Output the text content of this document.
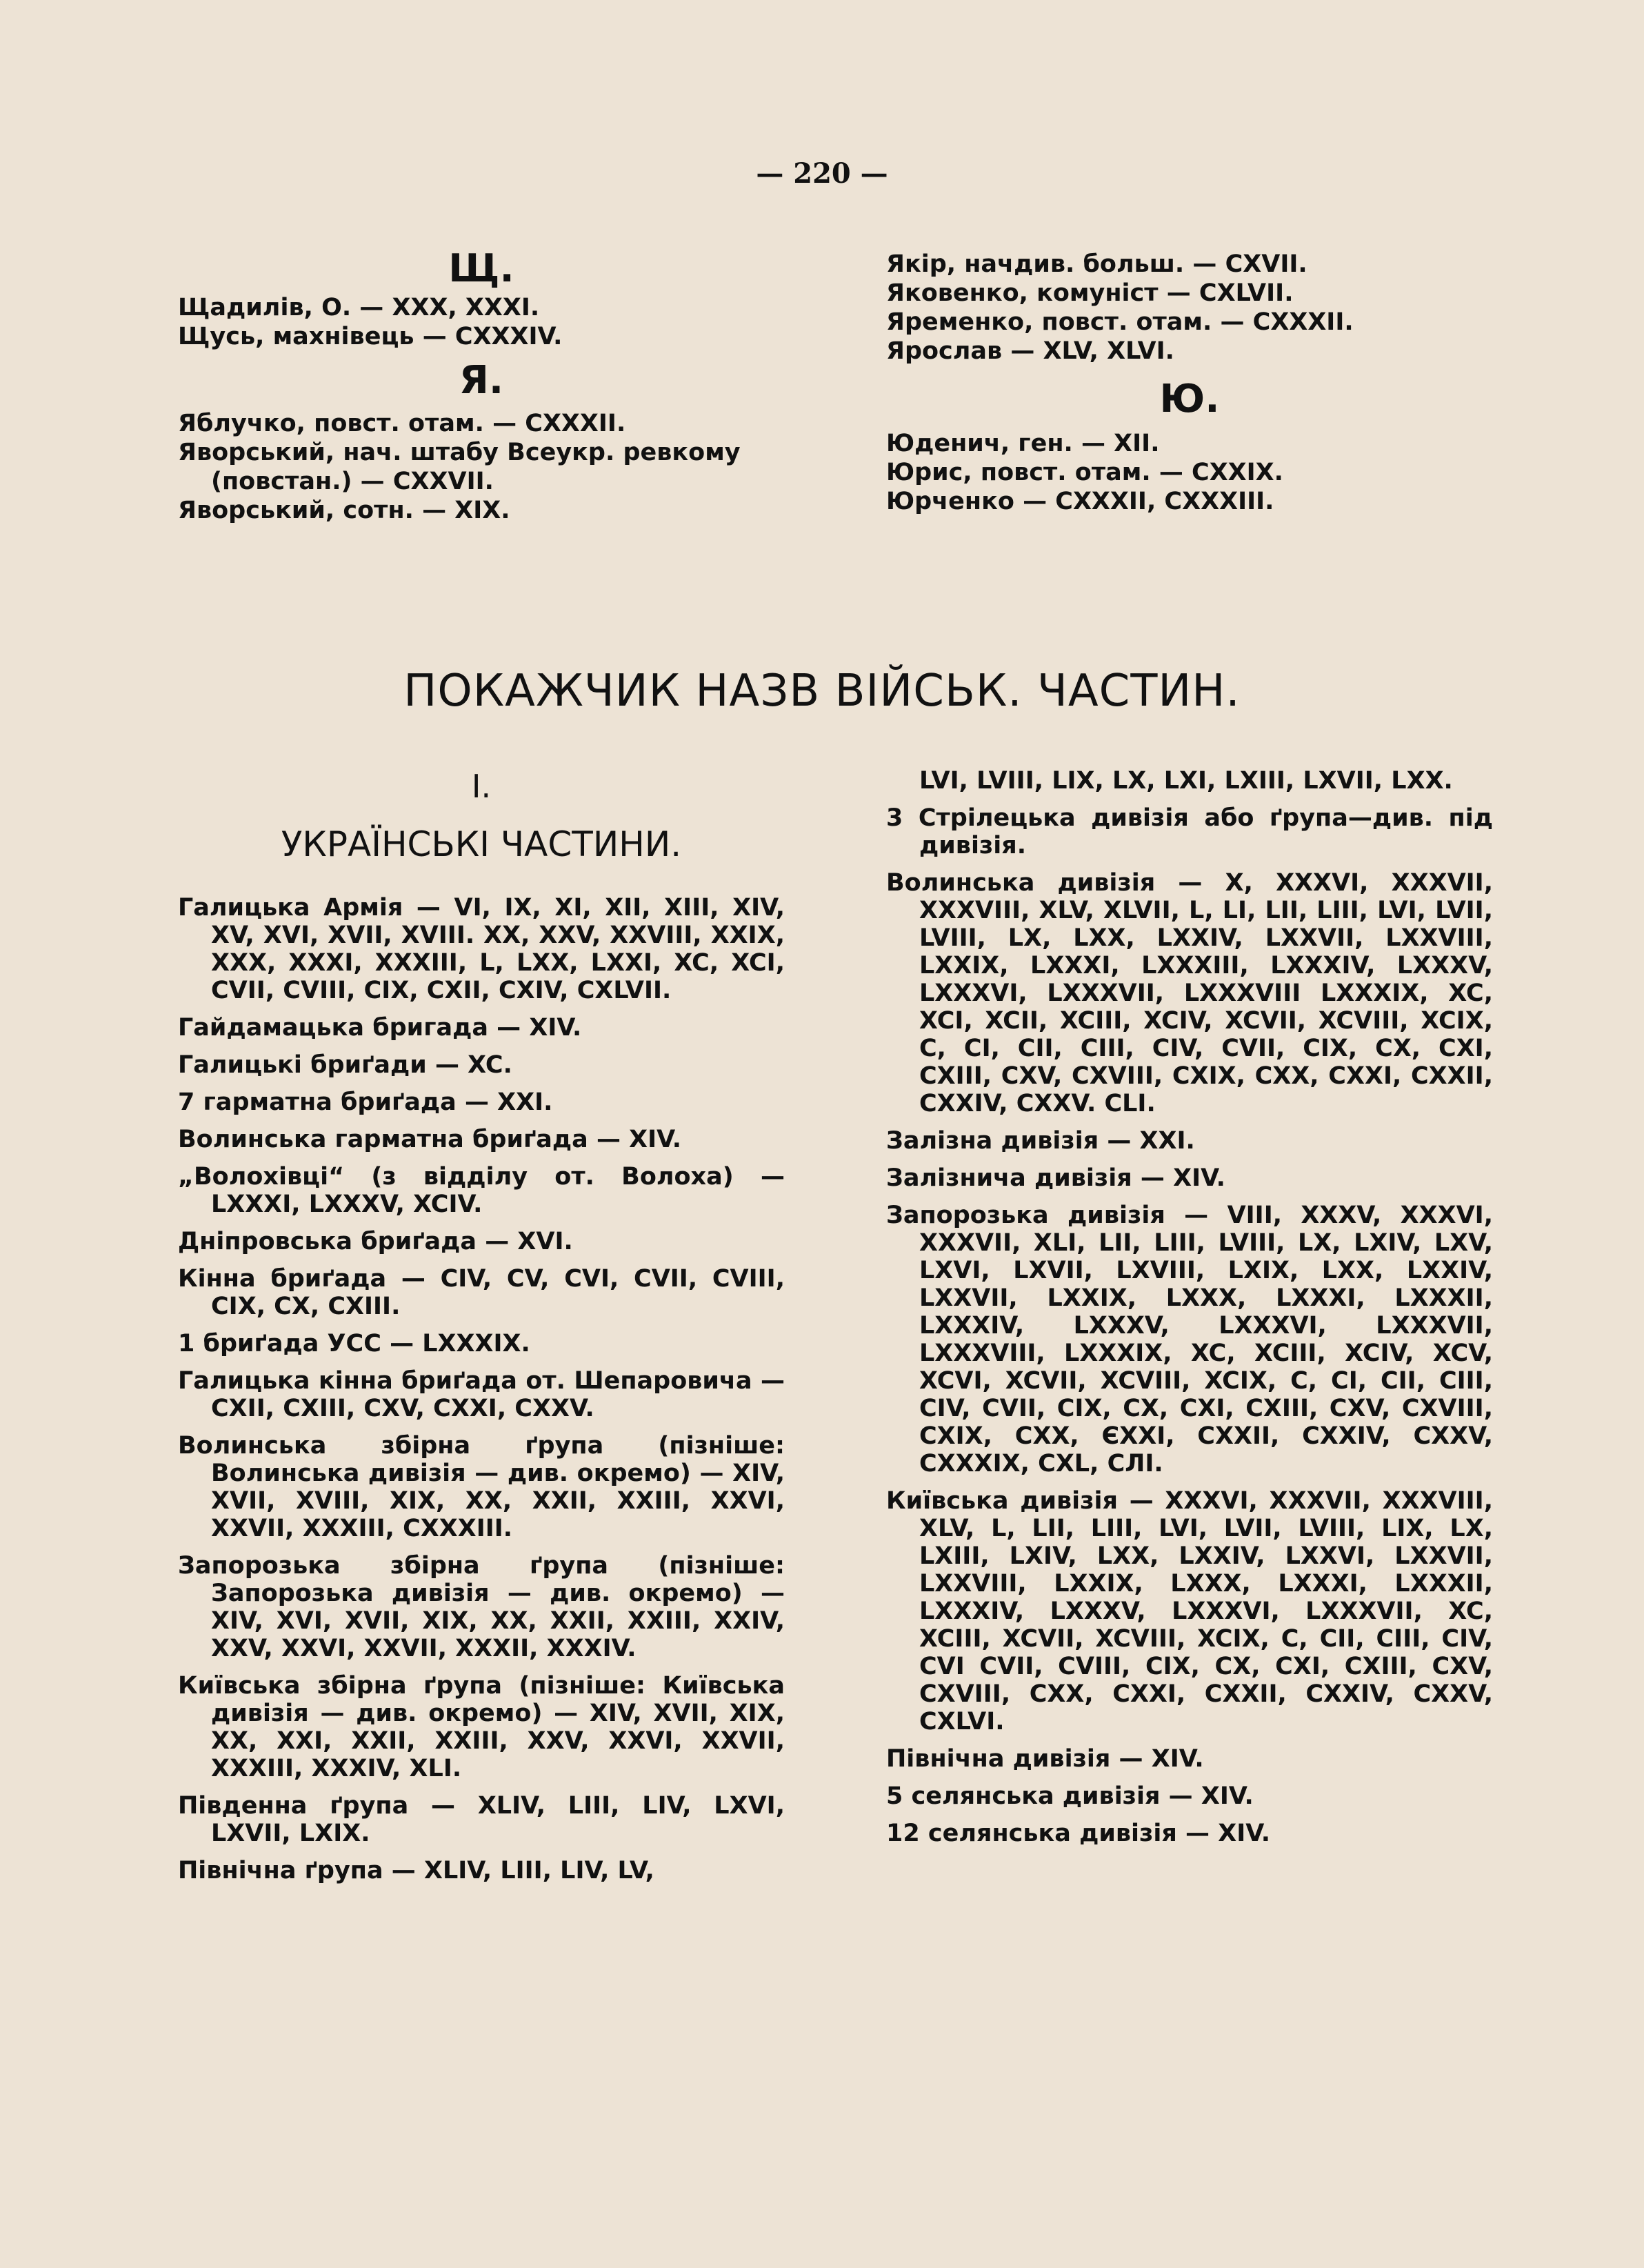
— 220 —
Щ.
Щадилів, О. — XXX, XXXI.
Щусь, махнівець — CXXXIV.
Я.
Яблучко, повст. отам. — CXXXII.
Яворський, нач. штабу Всеукр. ревкому (повстан.) — CXXVII.
Яворський, сотн. — XIX.
Якір, начдив. больш. — CXVII.
Яковенко, комуніст — CXLVII.
Яременко, повст. отам. — CXXXII.
Ярослав — XLV, XLVI.
Ю.
Юденич, ген. — XII.
Юрис, повст. отам. — CXXIX.
Юрченко — CXXXII, CXXXIII.
ПОКАЖЧИК НАЗВ ВІЙСЬК. ЧАСТИН.
I.
УКРАЇНСЬКІ ЧАСТИНИ.
Галицька Армія — VI, IX, XI, XII, XIII, XIV, XV, XVI, XVII, XVIII. XX, XXV, XXVIII, XXIX, XXX, XXXI, XXXIII, L, LXX, LXXI, XC, XCI, CVII, CVIII, CIX, CXII, CXIV, CXLVII.
Гайдамацька бригада — XIV.
Галицькі бриґади — XC.
7 гарматна бриґада — XXI.
Волинська гарматна бриґада — XIV.
„Волохівці“ (з відділу от. Волоха) — LXXXI, LXXXV, XCIV.
Дніпровська бриґада — XVI.
Кінна бриґада — CIV, CV, CVI, CVII, CVIII, CIX, CX, CXIII.
1 бриґада УСС — LXXXIX.
Галицька кінна бриґада от. Шепаровича — CXII, CXIII, CXV, CXXI, CXXV.
Волинська збірна ґрупа (пізніше: Волинська дивізія — див. окремо) — XIV, XVII, XVIII, XIX, XX, XXII, XXIII, XXVI, XXVII, XXXIII, CXXXIII.
Запорозька збірна ґрупа (пізніше: Запорозька дивізія — див. окремо) — XIV, XVI, XVII, XIX, XX, XXII, XXIII, XXIV, XXV, XXVI, XXVII, XXXII, XXXIV.
Київська збірна ґрупа (пізніше: Київська дивізія — див. окремо) — XIV, XVII, XIX, XX, XXI, XXII, XXIII, XXV, XXVI, XXVII, XXXIII, XXXIV, XLI.
Південна ґрупа — XLIV, LIII, LIV, LXVI, LXVII, LXIX.
Північна ґрупа — XLIV, LIII, LIV, LV,
LVI, LVIII, LIX, LX, LXI, LXIII, LXVII, LXX.
3 Стрілецька дивізія або ґрупа—див. під дивізія.
Волинська дивізія — X, XXXVI, XXXVII, XXXVIII, XLV, XLVII, L, LI, LII, LIII, LVI, LVII, LVIII, LX, LXX, LXXIV, LXXVII, LXXVIII, LXXIX, LXXXI, LXXXIII, LXXXIV, LXXXV, LXXXVI, LXXXVII, LXXXVIII LXXXIX, XC, XCI, XCII, XCIII, XCIV, XCVII, XCVIII, XCIX, C, CI, CII, CIII, CIV, CVII, CIX, CX, CXI, CXIII, CXV, CXVIII, CXIX, CXX, CXXI, CXXII, CXXIV, CXXV. CLI.
Залізна дивізія — XXI.
Залізнича дивізія — XIV.
Запорозька дивізія — VIII, XXXV, XXXVI, XXXVII, XLI, LII, LIII, LVIII, LX, LXIV, LXV, LXVI, LXVII, LXVIII, LXIX, LXX, LXXIV, LXXVII, LXXIX, LXXX, LXXXI, LXXXII, LXXXIV, LXXXV, LXXXVI, LXXXVII, LXXXVIII, LXXXIX, XC, XCIII, XCIV, XCV, XCVI, XCVII, XCVIII, XCIX, C, CI, CII, CIII, CIV, CVII, CIX, CX, CXI, CXIII, CXV, CXVIII, CXIX, CXX, ЄXXI, CXXII, CXXIV, CXXV, CXXXIX, CXL, СЛІ.
Київська дивізія — XXXVI, XXXVII, XXXVIII, XLV, L, LII, LIII, LVI, LVII, LVIII, LIX, LX, LXIII, LXIV, LXX, LXXIV, LXXVI, LXXVII, LXXVIII, LXXIX, LXXX, LXXXI, LXXXII, LXXXIV, LXXXV, LXXXVI, LXXXVII, XC, XCIII, XCVII, XCVIII, XCIX, C, CII, CIII, CIV, CVI CVII, CVIII, CIX, CX, CXI, CXIII, CXV, CXVIII, CXX, CXXI, CXXII, CXXIV, CXXV, CXLVI.
Північна дивізія — XIV.
5 селянська дивізія — XIV.
12 селянська дивізія — XIV.
